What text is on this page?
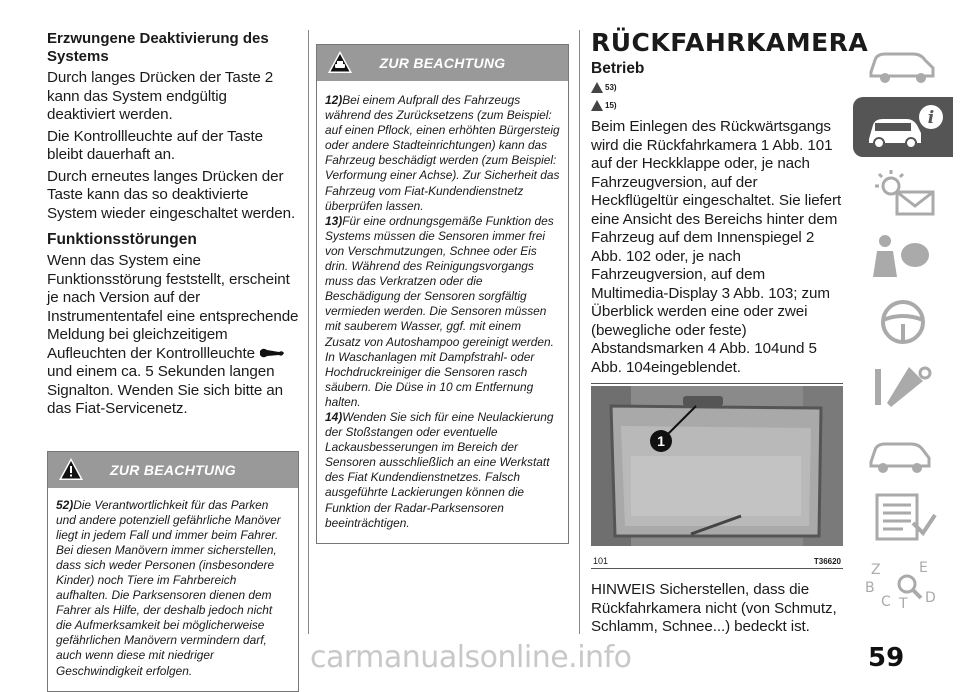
Erzwungene Deaktivierung des Systems

Durch langes Drücken der Taste 2 kann das System endgültig deaktiviert werden.

Die Kontrollleuchte auf der Taste bleibt dauerhaft an.

Durch erneutes langes Drücken der Taste kann das so deaktivierte System wieder eingeschaltet werden.

Funktionsstörungen

Wenn das System eine Funktionsstörung feststellt, erscheint je nach Version auf der Instrumententafel eine entsprechende Meldung bei gleichzeitigem Aufleuchten der Kontrollleuchte  und einem ca. 5 Sekunden langen Signalton. Wenden Sie sich bitte an das Fiat-Servicenetz.

ZUR BEACHTUNG
52)Die Verantwortlichkeit für das Parken und andere potenziell gefährliche Manöver liegt in jedem Fall und immer beim Fahrer. Bei diesen Manövern immer sicherstellen, dass sich weder Personen (insbesondere Kinder) noch Tiere im Fahrbereich aufhalten. Die Parksensoren dienen dem Fahrer als Hilfe, der deshalb jedoch nicht die Aufmerksamkeit bei möglicherweise gefährlichen Manövern vermindern darf, auch wenn diese mit niedriger Geschwindigkeit erfolgen.
ZUR BEACHTUNG
12)Bei einem Aufprall des Fahrzeugs während des Zurücksetzens (zum Beispiel: auf einen Pflock, einen erhöhten Bürgersteig oder andere Stadteinrichtungen) kann das Fahrzeug beschädigt werden (zum Beispiel: Verformung einer Achse). Zur Sicherheit das Fahrzeug vom Fiat-Kundendienstnetz überprüfen lassen.
13)Für eine ordnungsgemäße Funktion des Systems müssen die Sensoren immer frei von Verschmutzungen, Schnee oder Eis drin. Während des Reinigungsvorgangs muss das Verkratzen oder die Beschädigung der Sensoren sorgfältig vermieden werden. Die Sensoren müssen mit sauberem Wasser, ggf. mit einem Zusatz von Autoshampoo gereinigt werden. In Waschanlagen mit Dampfstrahl- oder Hochdruckreiniger die Sensoren rasch säubern. Die Düse in 10 cm Entfernung halten.
14)Wenden Sie sich für eine Neulackierung der Stoßstangen oder eventuelle Lackausbesserungen im Bereich der Sensoren ausschließlich an eine Werkstatt des Fiat Kundendienstnetzes. Falsch ausgeführte Lackierungen können die Funktion der Radar-Parksensoren beeinträchtigen.
RÜCKFAHRKAMERA
Betrieb
53)
15)

Beim Einlegen des Rückwärtsgangs wird die Rückfahrkamera 1 Abb. 101 auf der Heckklappe oder, je nach Fahrzeugversion, auf der Heckflügeltür eingeschaltet. Sie liefert eine Ansicht des Bereichs hinter dem Fahrzeug auf dem Innenspiegel 2 Abb. 102 oder, je nach Fahrzeugversion, auf dem Multimedia-Display 3 Abb. 103; zum Überblick werden eine oder zwei (bewegliche oder feste) Abstandsmarken 4 Abb. 104und 5 Abb. 104eingeblendet.

1
101	T36620

HINWEIS Sicherstellen, dass die Rückfahrkamera nicht (von Schmutz, Schlamm, Schnee...) bedeckt ist.

i
Z	E
B
C T D
carmanualsonline.info	59
